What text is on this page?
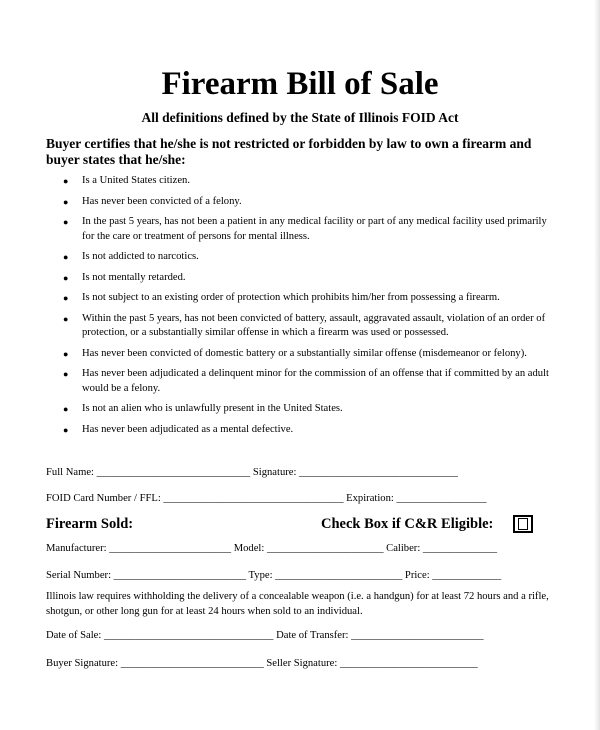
Firearm Bill of Sale
All definitions defined by the State of Illinois FOID Act
Buyer certifies that he/she is not restricted or forbidden by law to own a firearm and buyer states that he/she:
● Is a United States citizen.
● Has never been convicted of a felony.
● In the past 5 years, has not been a patient in any medical facility or part of any medical facility used primarily for the care or treatment of persons for mental illness.
● Is not addicted to narcotics.
● Is not mentally retarded.
● Is not subject to an existing order of protection which prohibits him/her from possessing a firearm.
● Within the past 5 years, has not been convicted of battery, assault, aggravated assault, violation of an order of protection, or a substantially similar offense in which a firearm was used or possessed.
● Has never been convicted of domestic battery or a substantially similar offense (misdemeanor or felony).
● Has never been adjudicated a delinquent minor for the commission of an offense that if committed by an adult would be a felony.
● Is not an alien who is unlawfully present in the United States.
● Has never been adjudicated as a mental defective.
Full Name: _____________________________ Signature: ______________________________
FOID Card Number / FFL: __________________________________ Expiration: _________________
Firearm Sold:	Check Box if C&R Eligible:
Manufacturer: _______________________ Model: ______________________ Caliber: ______________
Serial Number: _________________________ Type: ________________________ Price: _____________
Illinois law requires withholding the delivery of a concealable weapon (i.e. a handgun) for at least 72 hours and a rifle, shotgun, or other long gun for at least 24 hours when sold to an individual.
Date of Sale: ________________________________ Date of Transfer: _________________________
Buyer Signature: ___________________________ Seller Signature: __________________________
